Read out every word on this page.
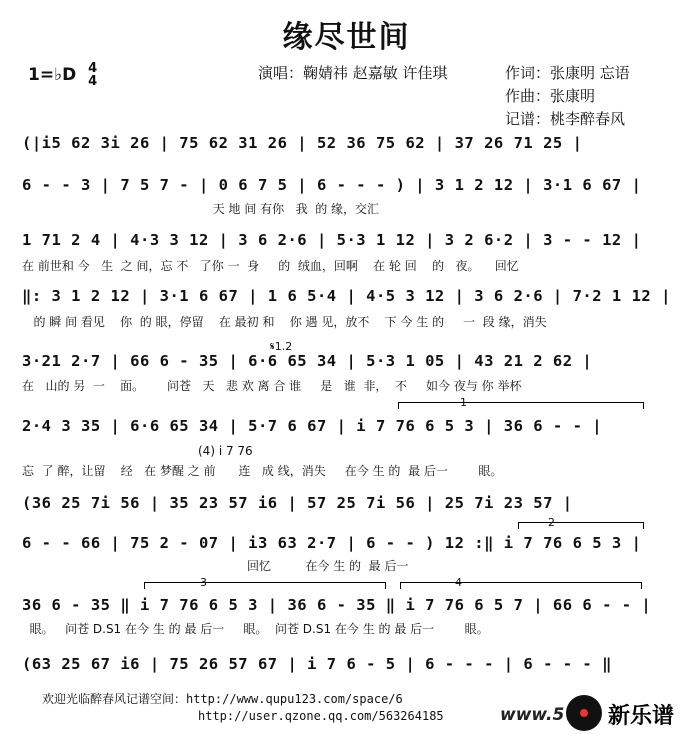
缘尽世间
1=♭D 4
4	演唱：鞠婧祎 赵嘉敏 许佳琪	作词：张康明 忘语
作曲：张康明
记谱：桃李醉春风
(|i5 62 3i 26 | 75 62 31 26 | 52 36 75 62 | 37 26 71 25 |
6 - - 3 | 7 5 7 - | 0 6 7 5 | 6 - - - ) | 3 1 2 12 | 3·1 6 67 |
天 地 间 有你   我  的 缘，交汇
1 71 2 4 | 4·3 3 12 | 3 6 2·6 | 5·3 1 12 | 3 2 6·2 | 3 - - 12 |
在 前世和 今   生  之 间，忘 不   了你 一  身     的  绒血，回啊    在 轮 回    的   夜。    回忆
‖: 3 1 2 12 | 3·1 6 67 | 1 6 5·4 | 4·5 3 12 | 3 6 2·6 | 7·2 1 12 |
的 瞬 间 看见    你  的 眼，停留    在 最初 和    你 遇 见，放不    下 今 生 的     一  段 缘，消失
𝄋1.2
3·21 2·7 | 66 6 - 35 | 6·6 65 34 | 5·3 1 05 | 43 21 2 62 |
在   山的 另  一    面。      问苍   天   悲 欢 离 合 谁     是   谁  非，  不     如今 夜与 你 举杯
1
2·4 3 35 | 6·6 65 34 | 5·7 6 67 | i 7 76 6 5 3 | 36 6 - - |
(4) i 7 76
忘  了 醉，让留    经   在 梦醒 之 前      连   成 线，消失     在今 生 的  最 后一        眼。
(36 25 7i 56 | 35 23 57 i6 | 57 25 7i 56 | 25 7i 23 57 |
2
6 - - 66 | 75 2 - 07 | i3 63 2·7 | 6 - - ) 12 :‖ i 7 76 6 5 3 |
回忆         在今 生 的  最 后一
3	4
36 6 - 35 ‖ i 7 76 6 5 3 | 36 6 - 35 ‖ i 7 76 6 5 7 | 66 6 - - |
眼。   问苍 D.S1 在今 生 的 最 后一     眼。  问苍 D.S1 在今 生 的 最 后一        眼。
(63 25 67 i6 | 75 26 57 67 | i 7 6 - 5 | 6 - - - | 6 - - - ‖
欢迎光临醉春风记谱空间：http://www.qupu123.com/space/6
http://user.qzone.qq.com/563264185	www.5 新乐谱
